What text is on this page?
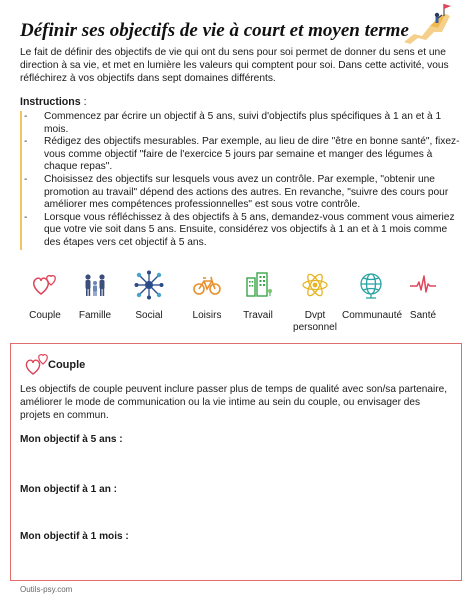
Définir ses objectifs de vie à court et moyen terme

Le fait de définir des objectifs de vie qui ont du sens pour soi permet de donner du sens et une direction à sa vie, et met en lumière les valeurs qui comptent pour soi. Dans cette activité, vous réfléchirez à vos objectifs dans sept domaines différents.

Instructions :

- Commencez par écrire un objectif à 5 ans, suivi d'objectifs plus spécifiques à 1 an et à 1 mois.
- Rédigez des objectifs mesurables. Par exemple, au lieu de dire "être en bonne santé", fixez-vous comme objectif "faire de l'exercice 5 jours par semaine et manger des légumes à chaque repas".
- Choisissez des objectifs sur lesquels vous avez un contrôle. Par exemple, "obtenir une promotion au travail" dépend des actions des autres. En revanche, "suivre des cours pour améliorer mes compétences professionnelles" est sous votre contrôle.
- Lorsque vous réfléchissez à des objectifs à 5 ans, demandez-vous comment vous aimeriez que votre vie soit dans 5 ans. Ensuite, considérez vos objectifs à 1 an et à 1 mois comme des étapes vers cet objectif à 5 ans.
Couple	Famille	Social	Loisirs	Travail	Dvpt personnel
Communauté Santé

Couple

Les objectifs de couple peuvent inclure passer plus de temps de qualité avec son/sa partenaire, améliorer le mode de communication ou la vie intime au sein du couple, ou envisager des projets en commun.

Mon objectif à 5 ans :

Mon objectif à 1 an :

Mon objectif à 1 mois :

Outils-psy.com
